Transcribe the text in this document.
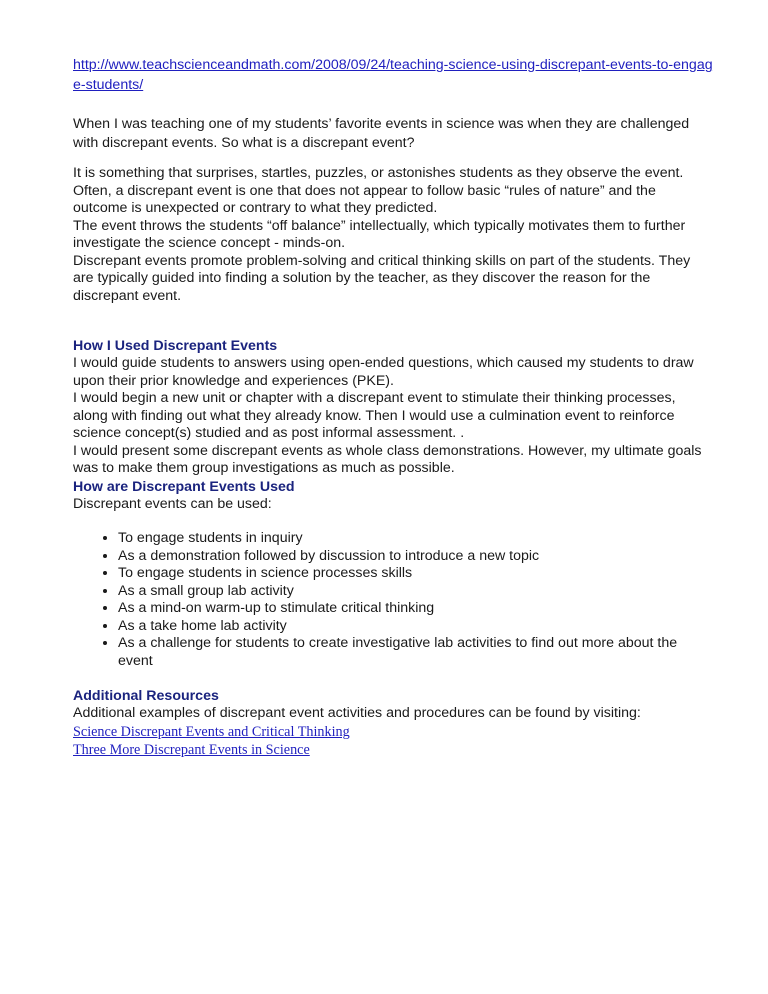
http://www.teachscienceandmath.com/2008/09/24/teaching-science-using-discrepant-events-to-engage-students/
When I was teaching one of my students’ favorite events in science was when they are challenged with discrepant events. So what is a discrepant event?

It is something that surprises, startles, puzzles, or astonishes students as they observe the event.

Often, a discrepant event is one that does not appear to follow basic “rules of nature” and the outcome is unexpected or contrary to what they predicted.

The event throws the students “off balance” intellectually, which typically motivates them to further investigate the science concept - minds-on.

Discrepant events promote problem-solving and critical thinking skills on part of the students. They are typically guided into finding a solution by the teacher, as they discover the reason for the discrepant event.

How I Used Discrepant Events

I would guide students to answers using open-ended questions, which caused my students to draw upon their prior knowledge and experiences (PKE).

I would begin a new unit or chapter with a discrepant event to stimulate their thinking processes, along with finding out what they already know. Then I would use a culmination event to reinforce science concept(s) studied and as post informal assessment. .

I would present some discrepant events as whole class demonstrations. However, my ultimate goals was to make them group investigations as much as possible.

How are Discrepant Events Used

Discrepant events can be used:

• To engage students in inquiry
• As a demonstration followed by discussion to introduce a new topic
• To engage students in science processes skills
• As a small group lab activity
• As a mind-on warm-up to stimulate critical thinking
• As a take home lab activity
• As a challenge for students to create investigative lab activities to find out more about the event
Additional Resources

Additional examples of discrepant event activities and procedures can be found by visiting:

Science Discrepant Events and Critical Thinking
Three More Discrepant Events in Science
